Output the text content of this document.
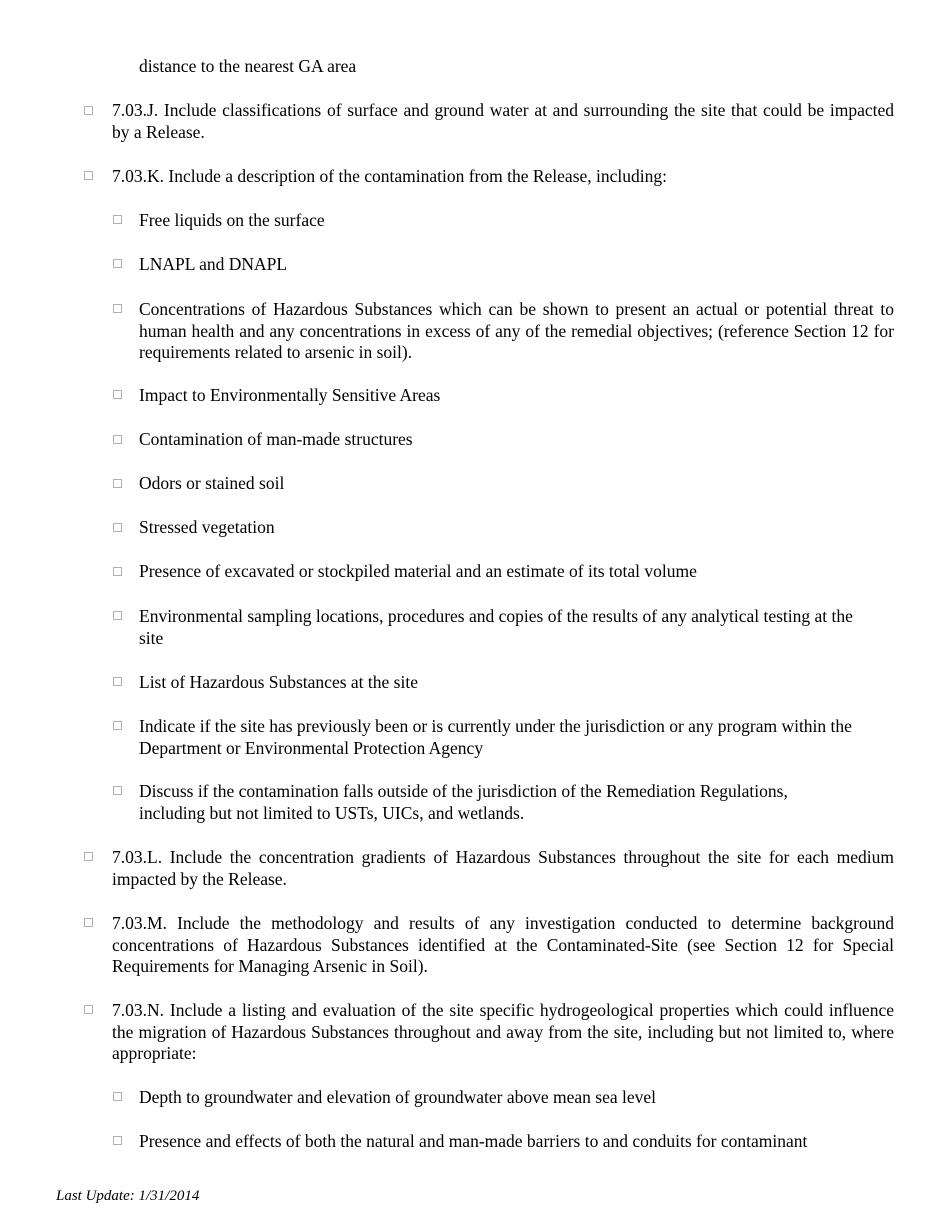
distance to the nearest GA area
7.03.J. Include classifications of surface and ground water at and surrounding the site that could be impacted by a Release.
7.03.K. Include a description of the contamination from the Release, including:
Free liquids on the surface
LNAPL and DNAPL
Concentrations of Hazardous Substances which can be shown to present an actual or potential threat to human health and any concentrations in excess of any of the remedial objectives; (reference Section 12 for requirements related to arsenic in soil).
Impact to Environmentally Sensitive Areas
Contamination of man-made structures
Odors or stained soil
Stressed vegetation
Presence of excavated or stockpiled material and an estimate of its total volume
Environmental sampling locations, procedures and copies of the results of any analytical testing at the site
List of Hazardous Substances at the site
Indicate if the site has previously been or is currently under the jurisdiction or any program within the Department or Environmental Protection Agency
Discuss if the contamination falls outside of the jurisdiction of the Remediation Regulations, including but not limited to USTs, UICs, and wetlands.
7.03.L. Include the concentration gradients of Hazardous Substances throughout the site for each medium impacted by the Release.
7.03.M. Include the methodology and results of any investigation conducted to determine background concentrations of Hazardous Substances identified at the Contaminated-Site (see Section 12 for Special Requirements for Managing Arsenic in Soil).
7.03.N. Include a listing and evaluation of the site specific hydrogeological properties which could influence the migration of Hazardous Substances throughout and away from the site, including but not limited to, where appropriate:
Depth to groundwater and elevation of groundwater above mean sea level
Presence and effects of both the natural and man-made barriers to and conduits for contaminant
Last Update: 1/31/2014
